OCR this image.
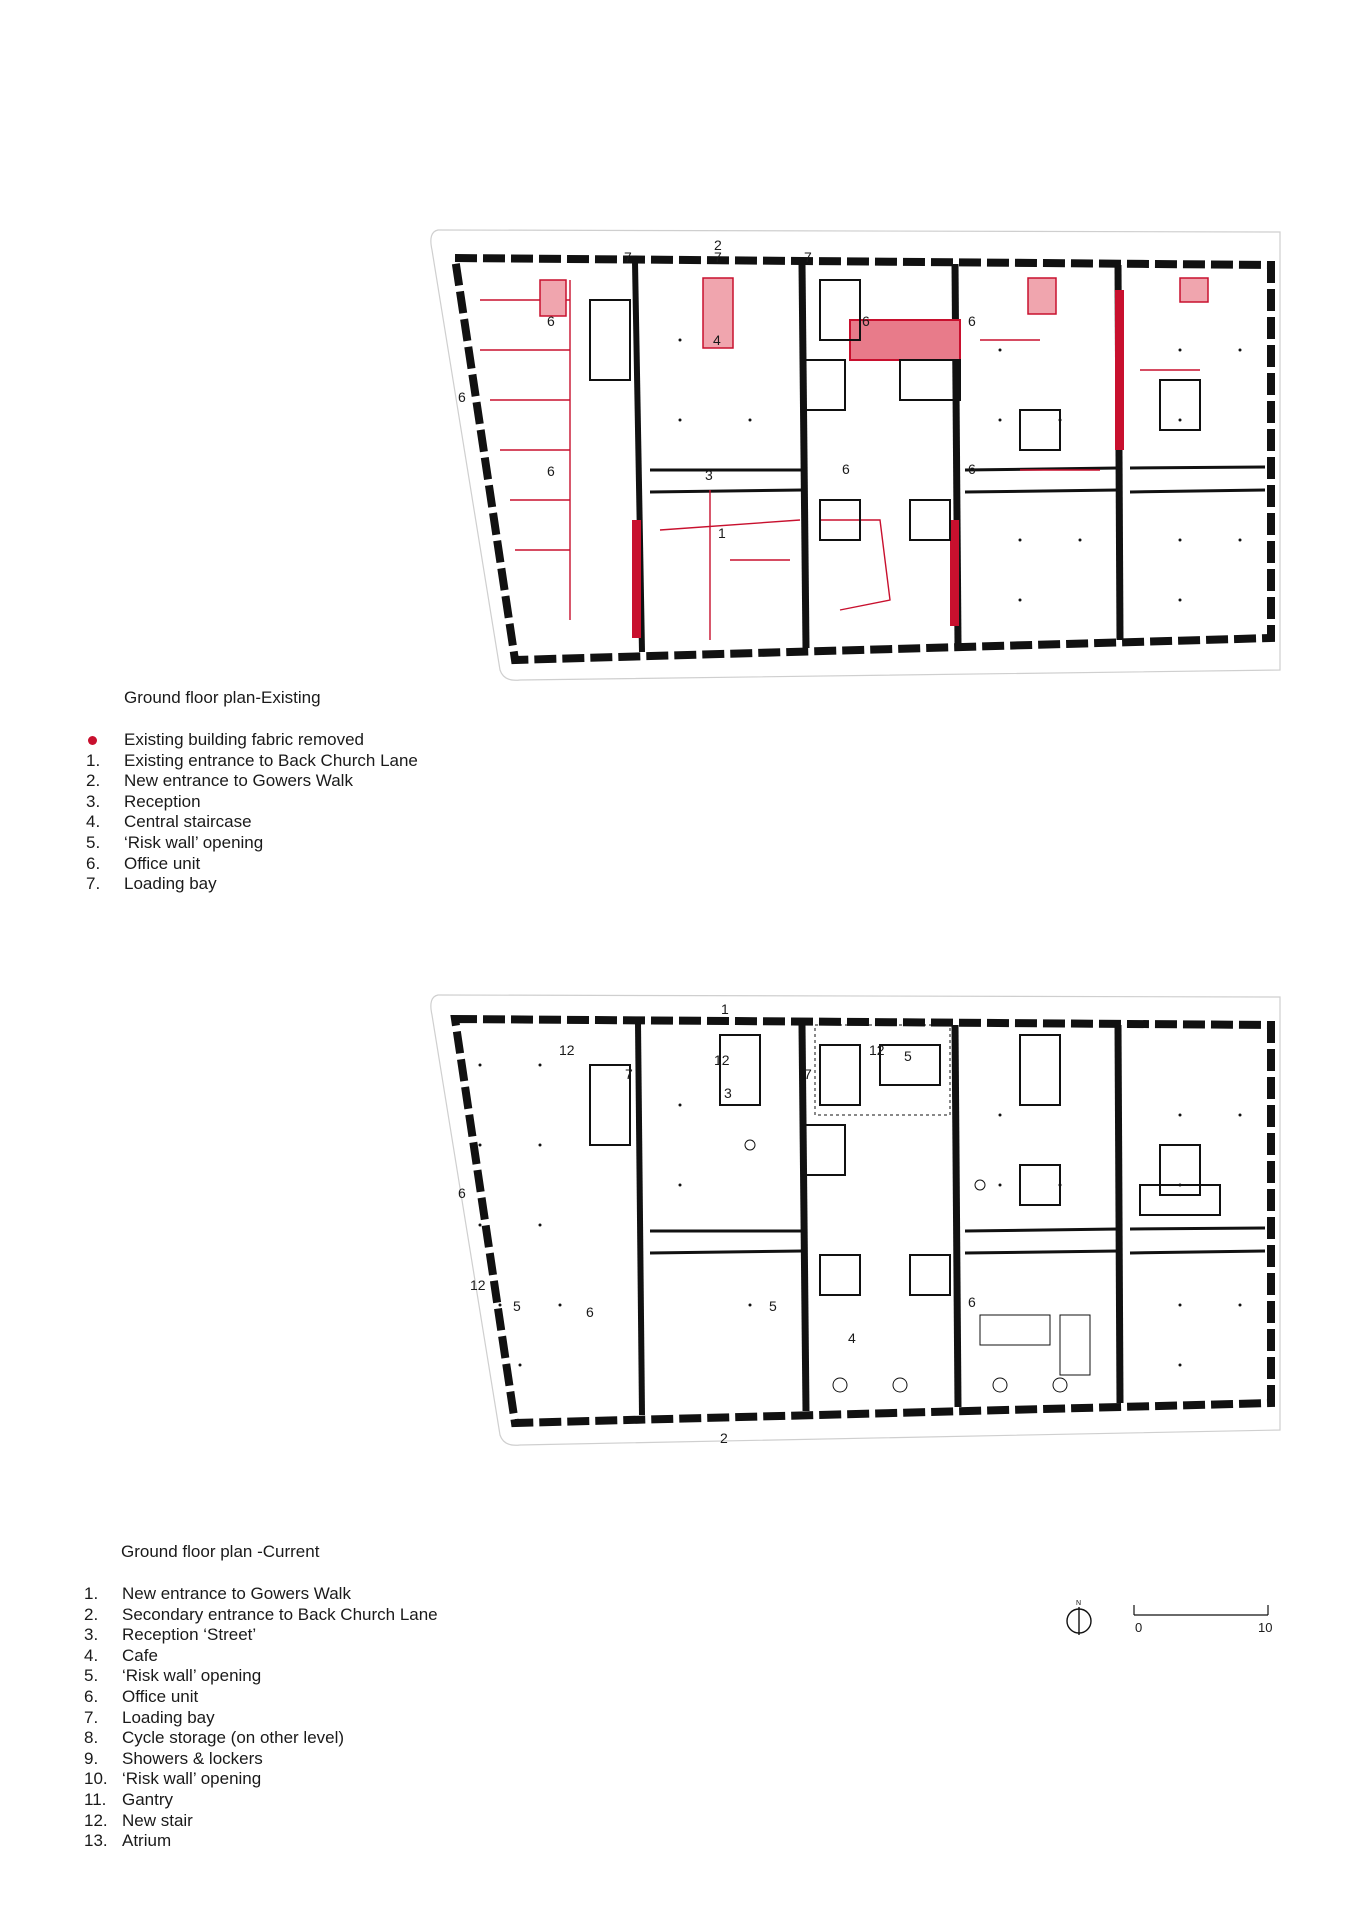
1
2
3
4
6
6
6
6	6
6	6
7	7	7
Ground floor plan-Existing
Existing building fabric removed
1.	Existing entrance to Back Church Lane
2.	New entrance to Gowers Walk
3.	Reception
4.	Central staircase
5.	‘Risk wall’ opening
6.	Office unit
7.	Loading bay
1
2
3
4
5
5	5
6
6
6
7	7
12
12
12
12
Ground floor plan -Current
1.	New entrance to Gowers Walk
2.	Secondary entrance to Back Church Lane
3.	Reception ‘Street’
4.	Cafe
5.	‘Risk wall’ opening
6.	Office unit
7.	Loading bay
8.	Cycle storage (on other level)
9.	Showers & lockers
10. ‘Risk wall’ opening
11. Gantry
12. New stair
13. Atrium
N
0	10
